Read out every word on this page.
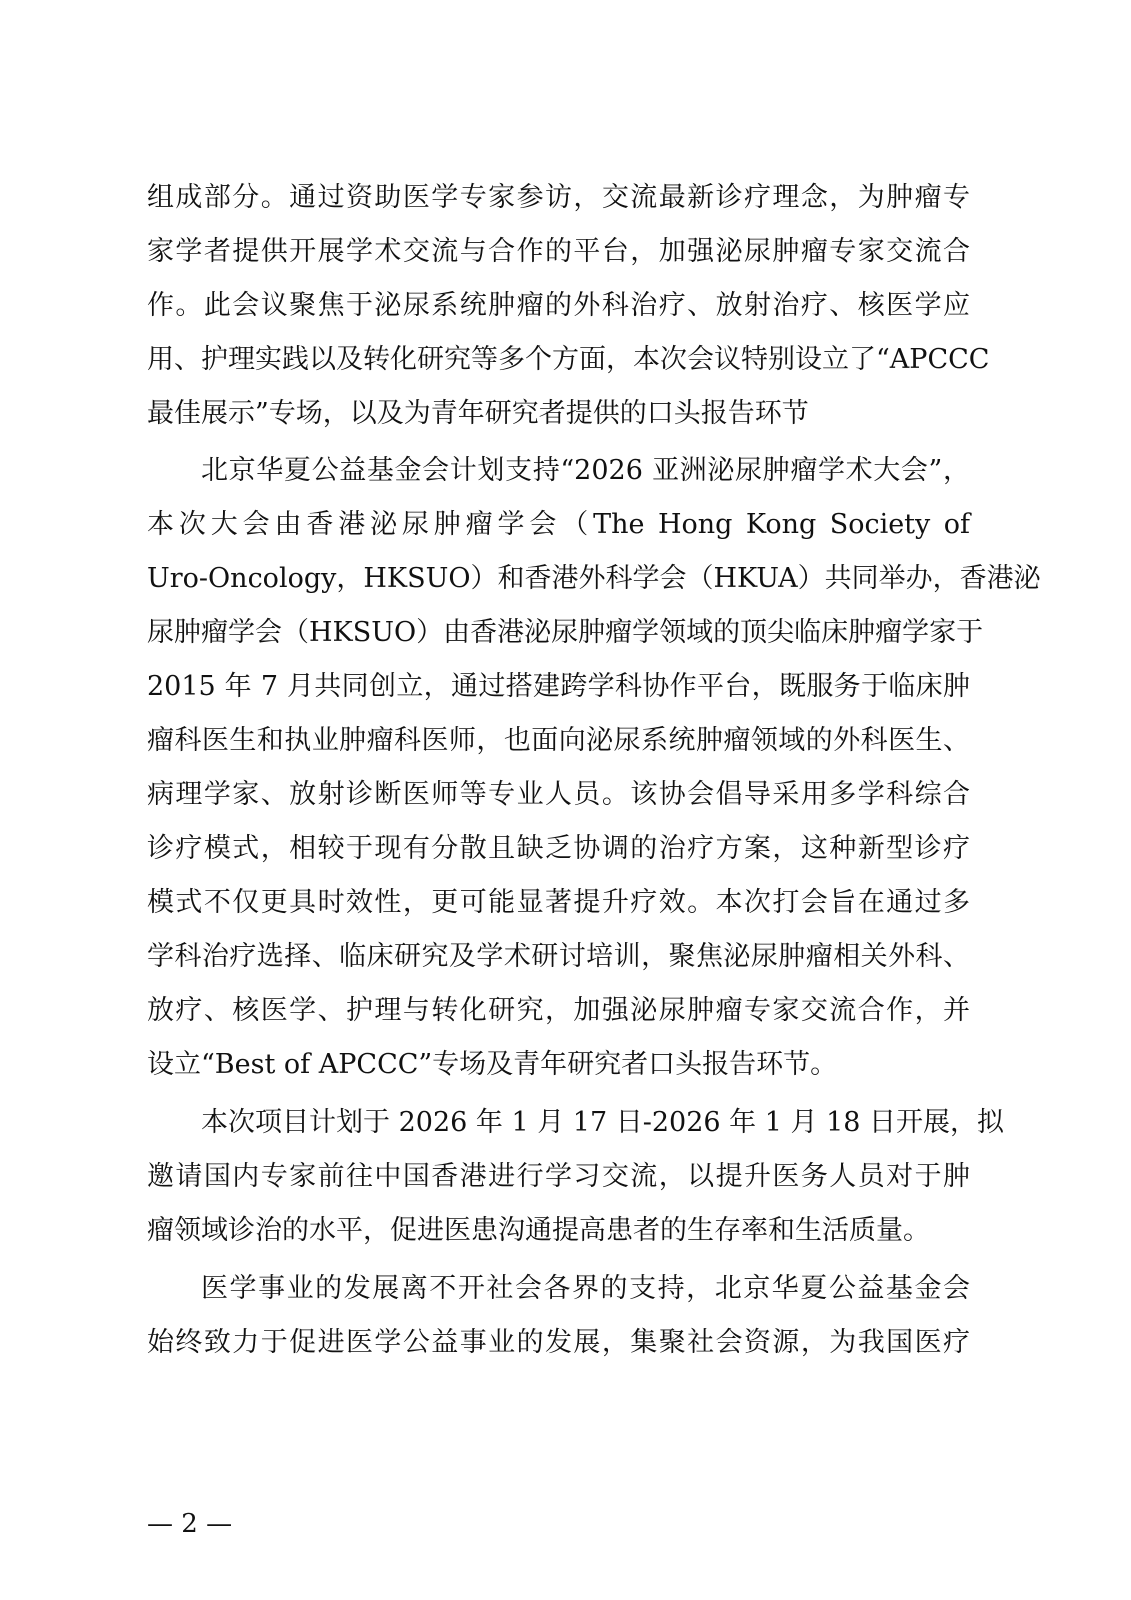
组成部分。通过资助医学专家参访，交流最新诊疗理念，为肿瘤专
家学者提供开展学术交流与合作的平台，加强泌尿肿瘤专家交流合
作。此会议聚焦于泌尿系统肿瘤的外科治疗、放射治疗、核医学应
用、护理实践以及转化研究等多个方面，本次会议特别设立了“APCCC
最佳展示”专场，以及为青年研究者提供的口头报告环节
北京华夏公益基金会计划支持“2026 亚洲泌尿肿瘤学术大会”，
本次大会由香港泌尿肿瘤学会（The Hong Kong Society of
Uro-Oncology，HKSUO）和香港外科学会（HKUA）共同举办，香港泌
尿肿瘤学会（HKSUO）由香港泌尿肿瘤学领域的顶尖临床肿瘤学家于
2015 年 7 月共同创立，通过搭建跨学科协作平台，既服务于临床肿
瘤科医生和执业肿瘤科医师，也面向泌尿系统肿瘤领域的外科医生、
病理学家、放射诊断医师等专业人员。该协会倡导采用多学科综合
诊疗模式，相较于现有分散且缺乏协调的治疗方案，这种新型诊疗
模式不仅更具时效性，更可能显著提升疗效。本次打会旨在通过多
学科治疗选择、临床研究及学术研讨培训，聚焦泌尿肿瘤相关外科、
放疗、核医学、护理与转化研究，加强泌尿肿瘤专家交流合作，并
设立“Best of APCCC”专场及青年研究者口头报告环节。
本次项目计划于 2026 年 1 月 17 日-2026 年 1 月 18 日开展，拟
邀请国内专家前往中国香港进行学习交流，以提升医务人员对于肿
瘤领域诊治的水平，促进医患沟通提高患者的生存率和生活质量。
医学事业的发展离不开社会各界的支持，北京华夏公益基金会
始终致力于促进医学公益事业的发展，集聚社会资源，为我国医疗
— 2 —
